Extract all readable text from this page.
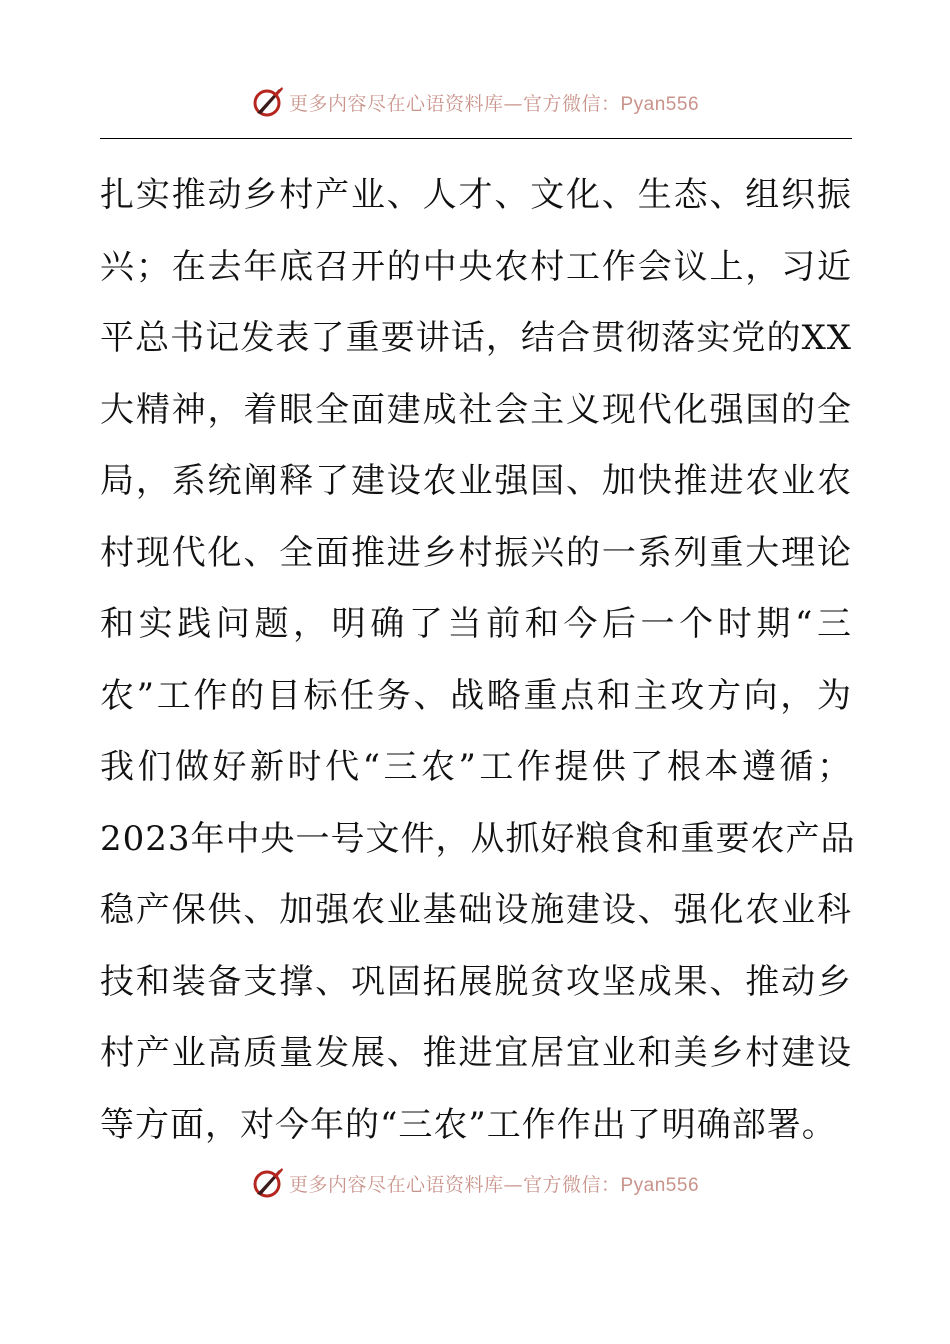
更多内容尽在心语资料库—官方微信：Pyan556
扎实推动乡村产业、人才、文化、生态、组织振
兴；在去年底召开的中央农村工作会议上，习近
平总书记发表了重要讲话，结合贯彻落实党的XX
大精神，着眼全面建成社会主义现代化强国的全
局，系统阐释了建设农业强国、加快推进农业农
村现代化、全面推进乡村振兴的一系列重大理论
和实践问题，明确了当前和今后一个时期“三
农”工作的目标任务、战略重点和主攻方向，为
我们做好新时代“三农”工作提供了根本遵循；
2023年中央一号文件，从抓好粮食和重要农产品
稳产保供、加强农业基础设施建设、强化农业科
技和装备支撑、巩固拓展脱贫攻坚成果、推动乡
村产业高质量发展、推进宜居宜业和美乡村建设
等方面，对今年的“三农”工作作出了明确部署。
更多内容尽在心语资料库—官方微信：Pyan556
